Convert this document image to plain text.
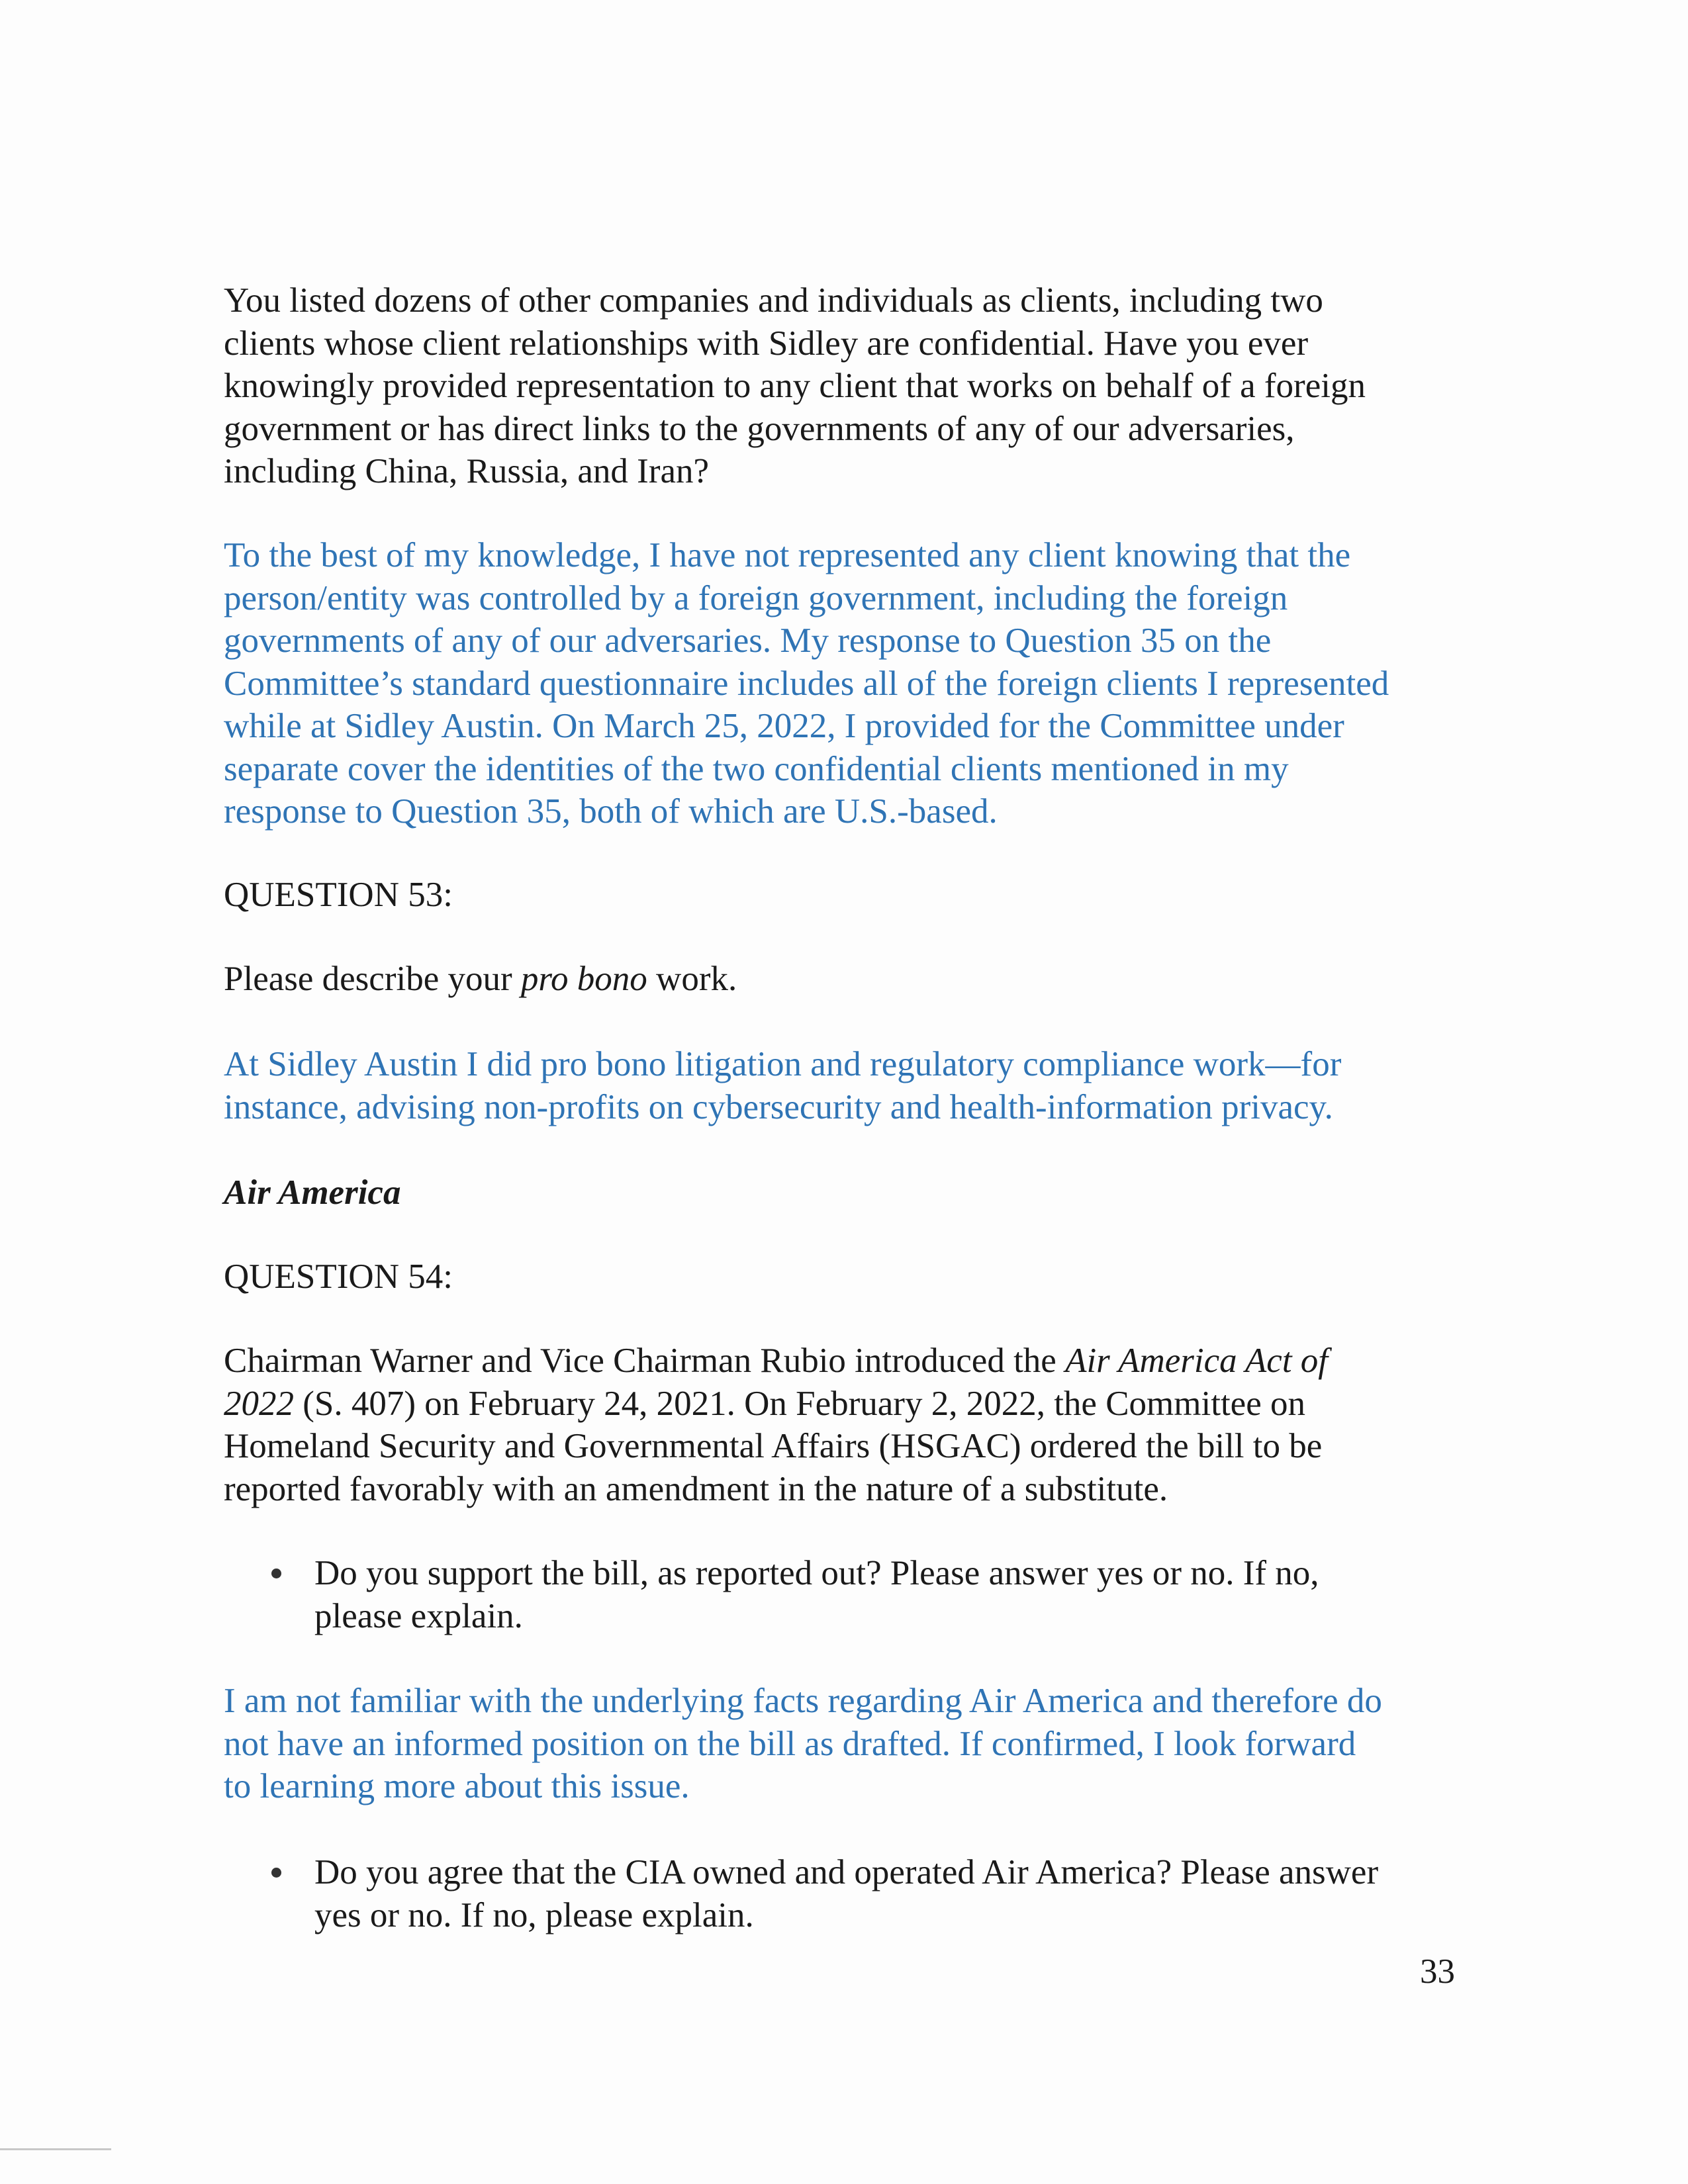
You listed dozens of other companies and individuals as clients, including two
clients whose client relationships with Sidley are confidential. Have you ever
knowingly provided representation to any client that works on behalf of a foreign
government or has direct links to the governments of any of our adversaries,
including China, Russia, and Iran?
To the best of my knowledge, I have not represented any client knowing that the
person/entity was controlled by a foreign government, including the foreign
governments of any of our adversaries. My response to Question 35 on the
Committee’s standard questionnaire includes all of the foreign clients I represented
while at Sidley Austin. On March 25, 2022, I provided for the Committee under
separate cover the identities of the two confidential clients mentioned in my
response to Question 35, both of which are U.S.-based.
QUESTION 53:
Please describe your pro bono work.
At Sidley Austin I did pro bono litigation and regulatory compliance work—for
instance, advising non-profits on cybersecurity and health-information privacy.
Air America
QUESTION 54:
Chairman Warner and Vice Chairman Rubio introduced the Air America Act of
2022 (S. 407) on February 24, 2021. On February 2, 2022, the Committee on
Homeland Security and Governmental Affairs (HSGAC) ordered the bill to be
reported favorably with an amendment in the nature of a substitute.
Do you support the bill, as reported out? Please answer yes or no. If no,
please explain.
I am not familiar with the underlying facts regarding Air America and therefore do
not have an informed position on the bill as drafted. If confirmed, I look forward
to learning more about this issue.
Do you agree that the CIA owned and operated Air America? Please answer
yes or no. If no, please explain.
33
